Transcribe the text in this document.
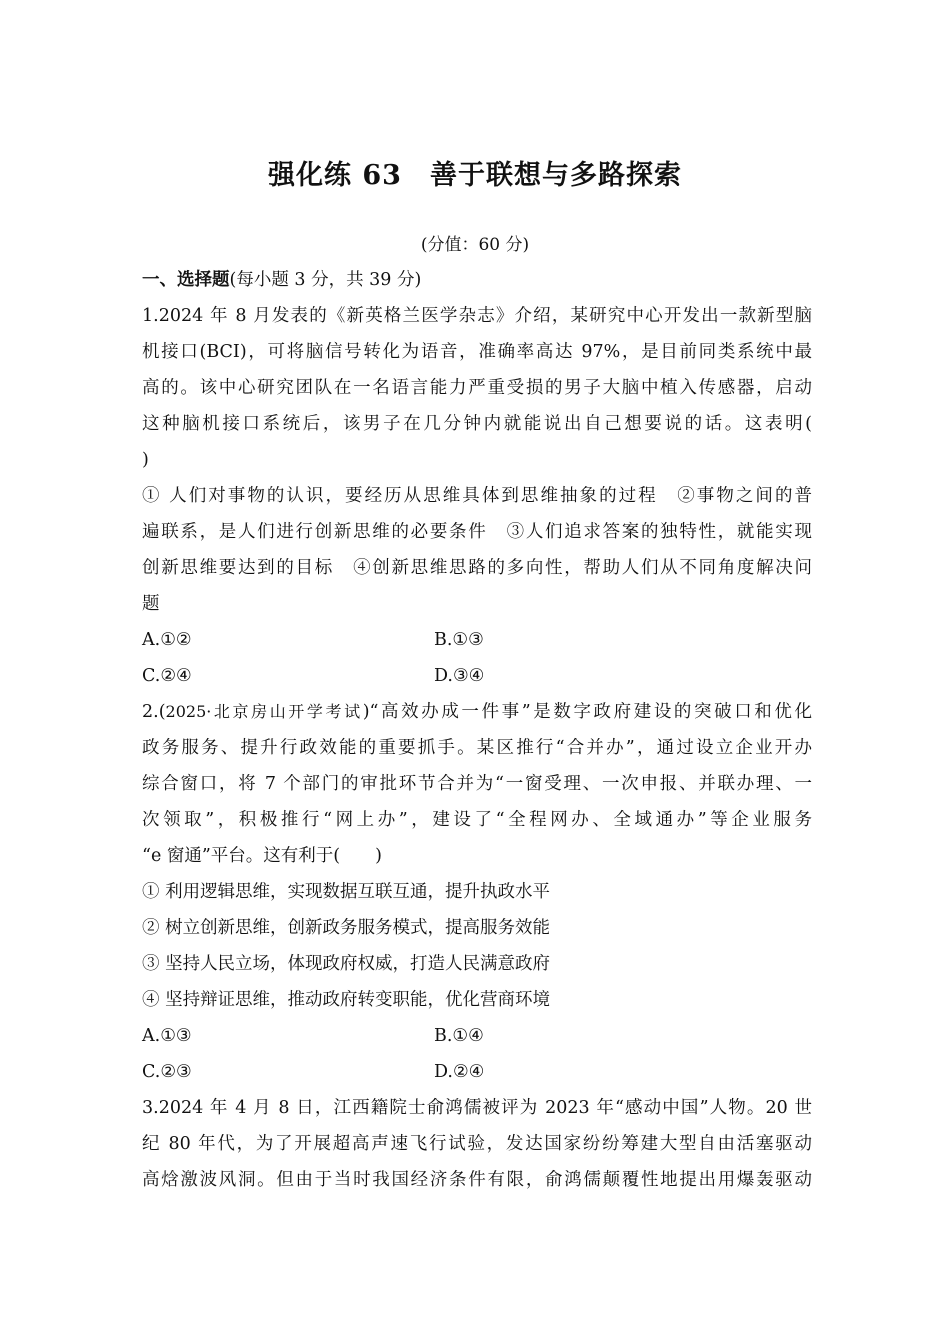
强化练 63　善于联想与多路探索
(分值：60 分)
一、选择题(每小题 3 分，共 39 分)
1.2024 年 8 月发表的《新英格兰医学杂志》介绍，某研究中心开发出一款新型脑
机接口(BCI)，可将脑信号转化为语音，准确率高达 97%，是目前同类系统中最
高的。该中心研究团队在一名语言能力严重受损的男子大脑中植入传感器，启动
这种脑机接口系统后，该男子在几分钟内就能说出自己想要说的话。这表明(
)
① 人们对事物的认识，要经历从思维具体到思维抽象的过程　②事物之间的普
遍联系，是人们进行创新思维的必要条件　③人们追求答案的独特性，就能实现
创新思维要达到的目标　④创新思维思路的多向性，帮助人们从不同角度解决问
题
A.①②	B.①③
C.②④	D.③④
2.(2025·北京房山开学考试)“高效办成一件事”是数字政府建设的突破口和优化
政务服务、提升行政效能的重要抓手。某区推行“合并办”，通过设立企业开办
综合窗口，将 7 个部门的审批环节合并为“一窗受理、一次申报、并联办理、一
次领取”，积极推行“网上办”，建设了“全程网办、全域通办”等企业服务
“e 窗通”平台。这有利于(　　)
① 利用逻辑思维，实现数据互联互通，提升执政水平
② 树立创新思维，创新政务服务模式，提高服务效能
③ 坚持人民立场，体现政府权威，打造人民满意政府
④ 坚持辩证思维，推动政府转变职能，优化营商环境
A.①③	B.①④
C.②③	D.②④
3.2024 年 4 月 8 日，江西籍院士俞鸿儒被评为 2023 年“感动中国”人物。20 世
纪 80 年代，为了开展超高声速飞行试验，发达国家纷纷筹建大型自由活塞驱动
高焓激波风洞。但由于当时我国经济条件有限，俞鸿儒颠覆性地提出用爆轰驱动
